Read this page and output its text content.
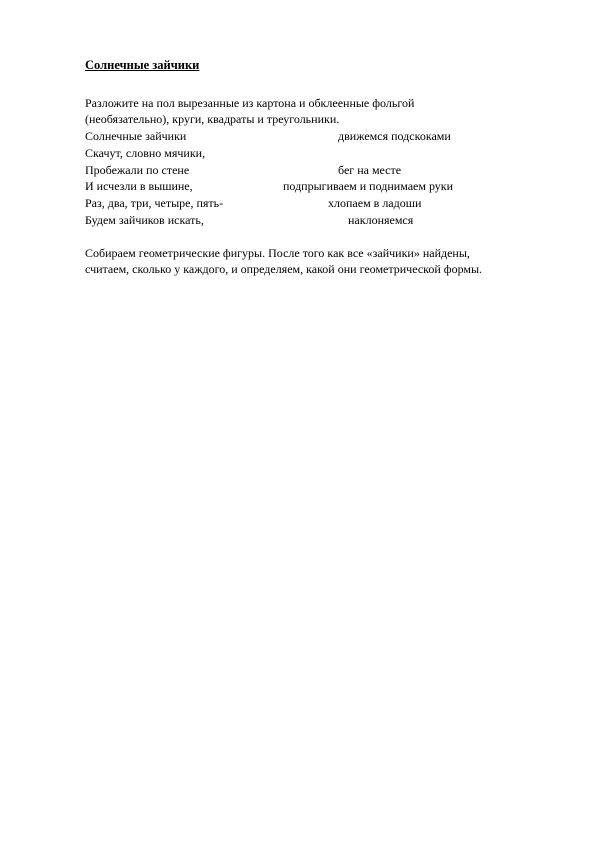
Солнечные зайчики

Разложите на пол вырезанные из картона и обклеенные фольгой

(необязательно), круги, квадраты и треугольники.

Солнечные зайчики	движемся подскоками
Скачут, словно мячики,
Пробежали по стене	бег на месте
И исчезли в вышине,	подпрыгиваем и поднимаем руки
Раз, два, три, четыре, пять-	хлопаем в ладоши
Будем зайчиков искать,	наклоняемся

Собираем геометрические фигуры. После того как все «зайчики» найдены,

считаем, сколько у каждого, и определяем, какой они геометрической формы.
